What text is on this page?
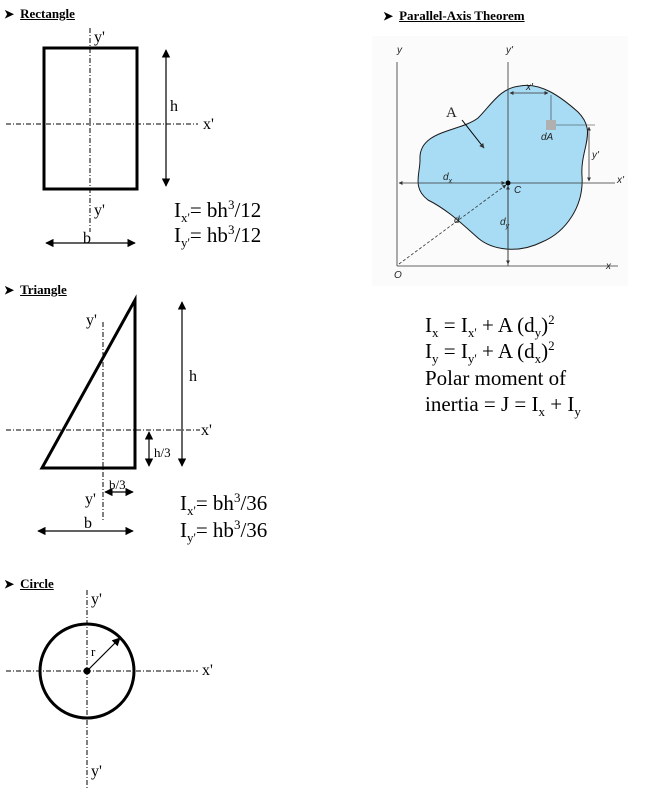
➤ Rectangle	➤ Parallel-Axis Theorem
➤ Triangle
➤ Circle
y'
h
x'
y'
b
$I_{x'}= bh^3/12$
$I_{y'}= hb^3/12$
y'
h
x'
h/3
b/3
y'
b
$I_{x'}= bh^3/36$
$I_{y'}= hb^3/36$
y'
r
x'
y'
y	y'
x'
A
dA
y'
x'
$d_x$
C
d	$d_y$
O
x
$I_x = I_{x'} + A$ $(d_y)^2$
$I_y = I_{y'} + A$ $(d_x)^2$
Polar moment of
inertia = $J = I_x + I_y$
